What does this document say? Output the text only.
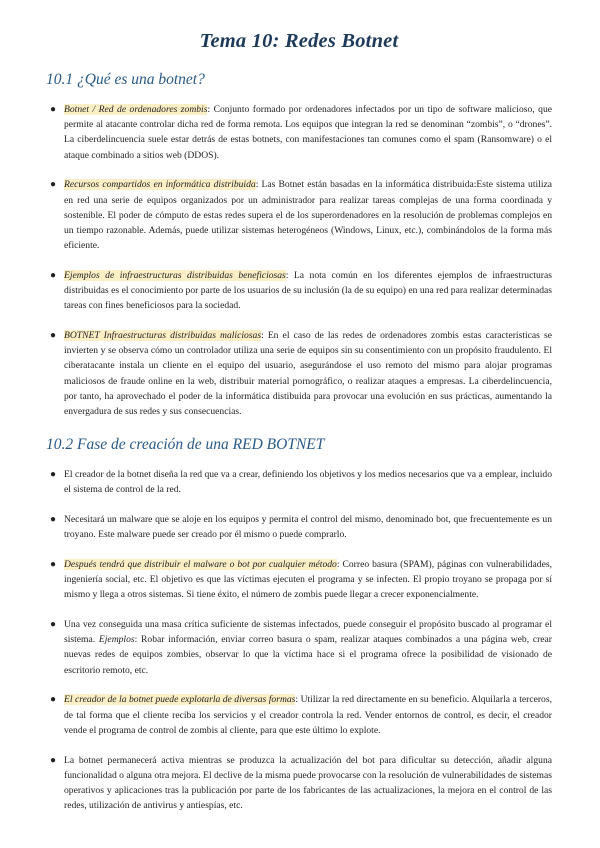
Tema 10: Redes Botnet
10.1 ¿Qué es una botnet?
● Botnet / Red de ordenadores zombis: Conjunto formado por ordenadores infectados por un tipo de software malicioso, que permite al atacante controlar dicha red de forma remota. Los equipos que integran la red se denominan “zombis”, o “drones”. La ciberdelincuencia suele estar detrás de estas botnets, con manifestaciones tan comunes como el spam (Ransomware) o el ataque combinado a sitios web (DDOS).
● Recursos compartidos en informática distribuida: Las Botnet están basadas en la informática distribuida:Este sistema utiliza en red una serie de equipos organizados por un administrador para realizar tareas complejas de una forma coordinada y sostenible. El poder de cómputo de estas redes supera el de los superordenadores en la resolución de problemas complejos en un tiempo razonable. Además, puede utilizar sistemas heterogéneos (Windows, Linux, etc.), combinándolos de la forma más eficiente.
● Ejemplos de infraestructuras distribuidas beneficiosas: La nota común en los diferentes ejemplos de infraestructuras distribuidas es el conocimiento por parte de los usuarios de su inclusión (la de su equipo) en una red para realizar determinadas tareas con fines beneficiosos para la sociedad.
● BOTNET Infraestructuras distribuidas maliciosas: En el caso de las redes de ordenadores zombis estas características se invierten y se observa cómo un controlador utiliza una serie de equipos sin su consentimiento con un propósito fraudulento. El ciberatacante instala un cliente en el equipo del usuario, asegurándose el uso remoto del mismo para alojar programas maliciosos de fraude online en la web, distribuir material pornográfico, o realizar ataques a empresas. La ciberdelincuencia, por tanto, ha aprovechado el poder de la informática distibuida para provocar una evolución en sus prácticas, aumentando la envergadura de sus redes y sus consecuencias.
10.2 Fase de creación de una RED BOTNET
● El creador de la botnet diseña la red que va a crear, definiendo los objetivos y los medios necesarios que va a emplear, incluido el sistema de control de la red.
● Necesitará un malware que se aloje en los equipos y permita el control del mismo, denominado bot, que frecuentemente es un troyano. Este malware puede ser creado por él mismo o puede comprarlo.
● Después tendrá que distribuir el malware o bot por cualquier método: Correo basura (SPAM), páginas con vulnerabilidades, ingeniería social, etc. El objetivo es que las víctimas ejecuten el programa y se infecten. El propio troyano se propaga por sí mismo y llega a otros sistemas. Si tiene éxito, el número de zombis puede llegar a crecer exponencialmente.
● Una vez conseguida una masa crítica suficiente de sistemas infectados, puede conseguir el propósito buscado al programar el sistema. Ejemplos: Robar información, enviar correo basura o spam, realizar ataques combinados a una página web, crear nuevas redes de equipos zombies, observar lo que la víctima hace si el programa ofrece la posibilidad de visionado de escritorio remoto, etc.
● El creador de la botnet puede explotarla de diversas formas: Utilizar la red directamente en su beneficio. Alquilarla a terceros, de tal forma que el cliente reciba los servicios y el creador controla la red. Vender entornos de control, es decir, el creador vende el programa de control de zombis al cliente, para que este último lo explote.
● La botnet permanecerá activa mientras se produzca la actualización del bot para dificultar su detección, añadir alguna funcionalidad o alguna otra mejora. El declive de la misma puede provocarse con la resolución de vulnerabilidades de sistemas operativos y aplicaciones tras la publicación por parte de los fabricantes de las actualizaciones, la mejora en el control de las redes, utilización de antivirus y antiespías, etc.
